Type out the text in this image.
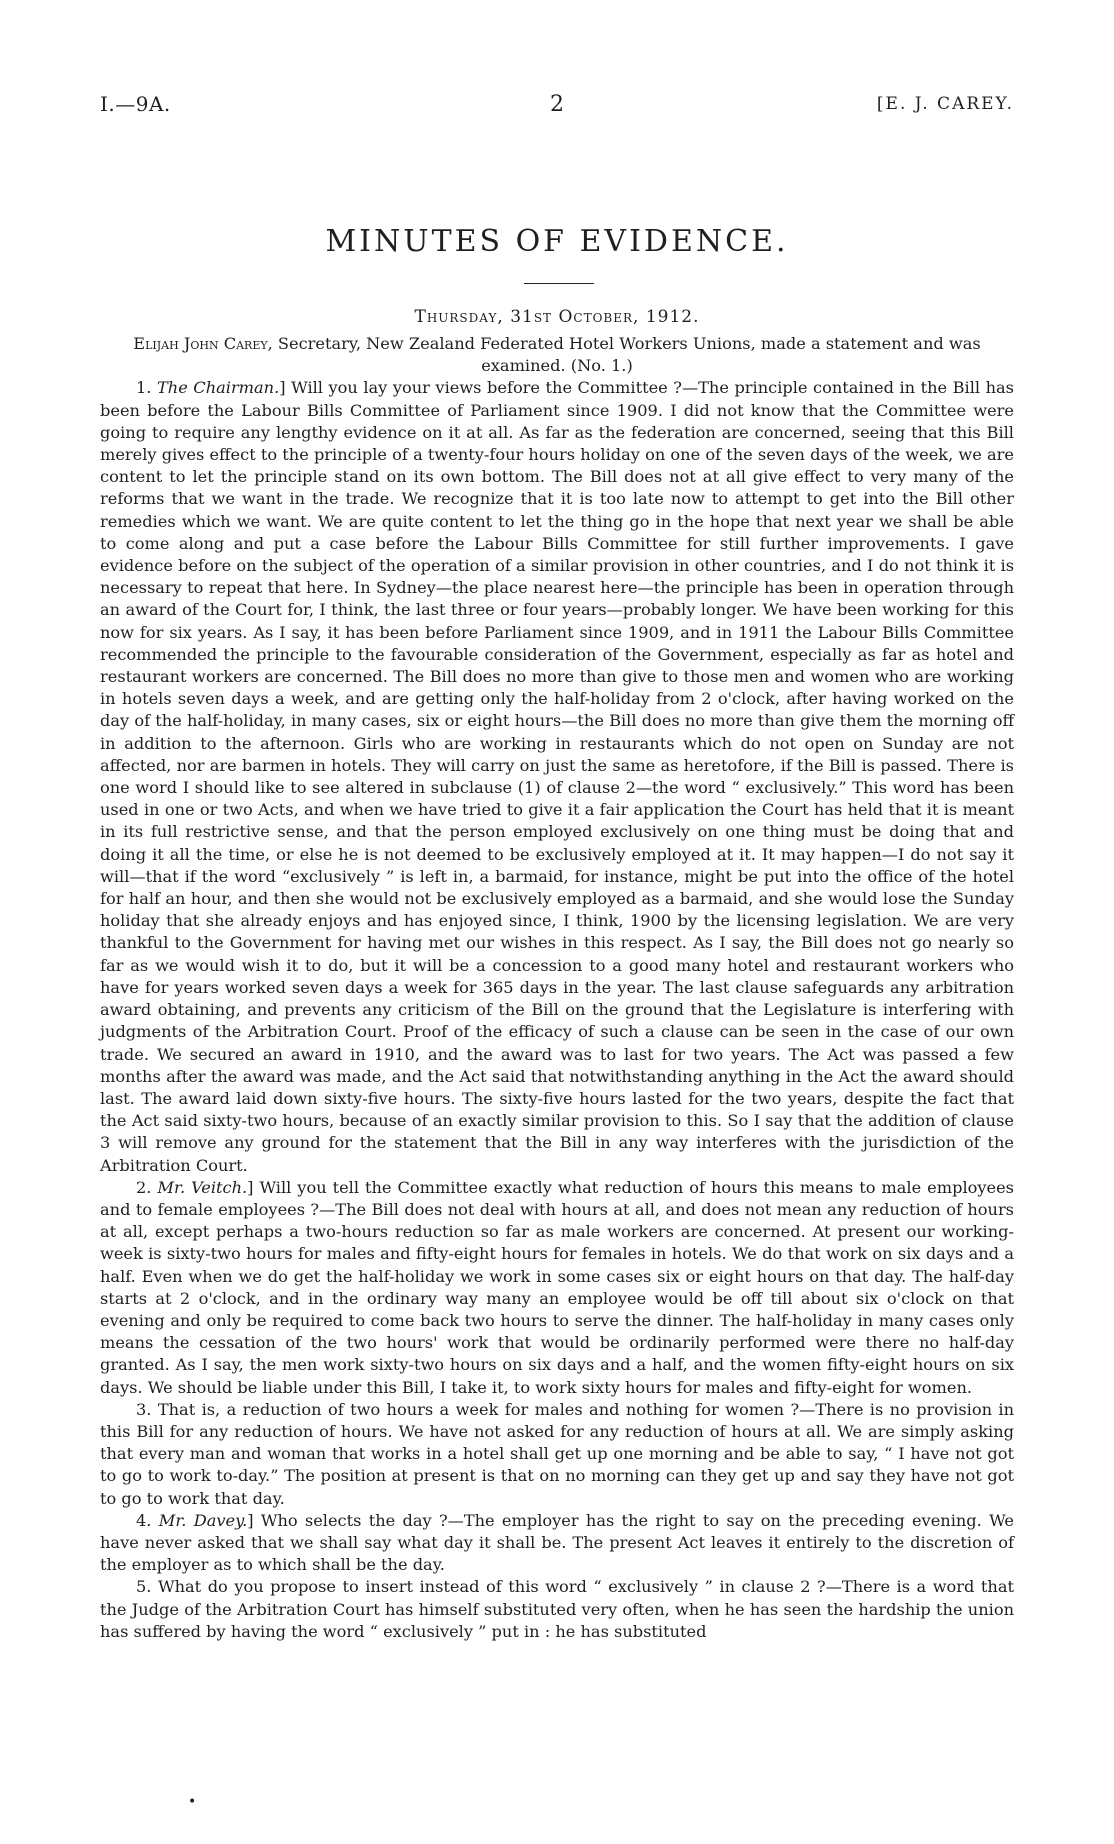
I.—9A.	2	[E. J. CAREY.
MINUTES OF EVIDENCE.
Thursday, 31st October, 1912.

Elijah John Carey, Secretary, New Zealand Federated Hotel Workers Unions, made a statement and was examined. (No. 1.)

1. The Chairman.] Will you lay your views before the Committee ?—The principle contained in the Bill has been before the Labour Bills Committee of Parliament since 1909. I did not know that the Committee were going to require any lengthy evidence on it at all. As far as the federation are concerned, seeing that this Bill merely gives effect to the principle of a twenty-four hours holiday on one of the seven days of the week, we are content to let the principle stand on its own bottom. The Bill does not at all give effect to very many of the reforms that we want in the trade. We recognize that it is too late now to attempt to get into the Bill other remedies which we want. We are quite content to let the thing go in the hope that next year we shall be able to come along and put a case before the Labour Bills Committee for still further improvements. I gave evidence before on the subject of the operation of a similar provision in other countries, and I do not think it is necessary to repeat that here. In Sydney—the place nearest here—the principle has been in operation through an award of the Court for, I think, the last three or four years—probably longer. We have been working for this now for six years. As I say, it has been before Parliament since 1909, and in 1911 the Labour Bills Committee recommended the principle to the favourable consideration of the Government, especially as far as hotel and restaurant workers are concerned. The Bill does no more than give to those men and women who are working in hotels seven days a week, and are getting only the half-holiday from 2 o'clock, after having worked on the day of the half-holiday, in many cases, six or eight hours—the Bill does no more than give them the morning off in addition to the afternoon. Girls who are working in restaurants which do not open on Sunday are not affected, nor are barmen in hotels. They will carry on just the same as heretofore, if the Bill is passed. There is one word I should like to see altered in subclause (1) of clause 2—the word “ exclusively.” This word has been used in one or two Acts, and when we have tried to give it a fair application the Court has held that it is meant in its full restrictive sense, and that the person employed exclusively on one thing must be doing that and doing it all the time, or else he is not deemed to be exclusively employed at it. It may happen—I do not say it will—that if the word “exclusively ” is left in, a barmaid, for instance, might be put into the office of the hotel for half an hour, and then she would not be exclusively employed as a barmaid, and she would lose the Sunday holiday that she already enjoys and has enjoyed since, I think, 1900 by the licensing legislation. We are very thankful to the Government for having met our wishes in this respect. As I say, the Bill does not go nearly so far as we would wish it to do, but it will be a concession to a good many hotel and restaurant workers who have for years worked seven days a week for 365 days in the year. The last clause safeguards any arbitration award obtaining, and prevents any criticism of the Bill on the ground that the Legislature is interfering with judgments of the Arbitration Court. Proof of the efficacy of such a clause can be seen in the case of our own trade. We secured an award in 1910, and the award was to last for two years. The Act was passed a few months after the award was made, and the Act said that notwithstanding anything in the Act the award should last. The award laid down sixty-five hours. The sixty-five hours lasted for the two years, despite the fact that the Act said sixty-two hours, because of an exactly similar provision to this. So I say that the addition of clause 3 will remove any ground for the statement that the Bill in any way interferes with the jurisdiction of the Arbitration Court.

2. Mr. Veitch.] Will you tell the Committee exactly what reduction of hours this means to male employees and to female employees ?—The Bill does not deal with hours at all, and does not mean any reduction of hours at all, except perhaps a two-hours reduction so far as male workers are concerned. At present our working-week is sixty-two hours for males and fifty-eight hours for females in hotels. We do that work on six days and a half. Even when we do get the half-holiday we work in some cases six or eight hours on that day. The half-day starts at 2 o'clock, and in the ordinary way many an employee would be off till about six o'clock on that evening and only be required to come back two hours to serve the dinner. The half-holiday in many cases only means the cessation of the two hours' work that would be ordinarily performed were there no half-day granted. As I say, the men work sixty-two hours on six days and a half, and the women fifty-eight hours on six days. We should be liable under this Bill, I take it, to work sixty hours for males and fifty-eight for women.

3. That is, a reduction of two hours a week for males and nothing for women ?—There is no provision in this Bill for any reduction of hours. We have not asked for any reduction of hours at all. We are simply asking that every man and woman that works in a hotel shall get up one morning and be able to say, “ I have not got to go to work to-day.” The position at present is that on no morning can they get up and say they have not got to go to work that day.

4. Mr. Davey.] Who selects the day ?—The employer has the right to say on the preceding evening. We have never asked that we shall say what day it shall be. The present Act leaves it entirely to the discretion of the employer as to which shall be the day.

5. What do you propose to insert instead of this word “ exclusively ” in clause 2 ?—There is a word that the Judge of the Arbitration Court has himself substituted very often, when he has seen the hardship the union has suffered by having the word “ exclusively ” put in : he has substituted

•
